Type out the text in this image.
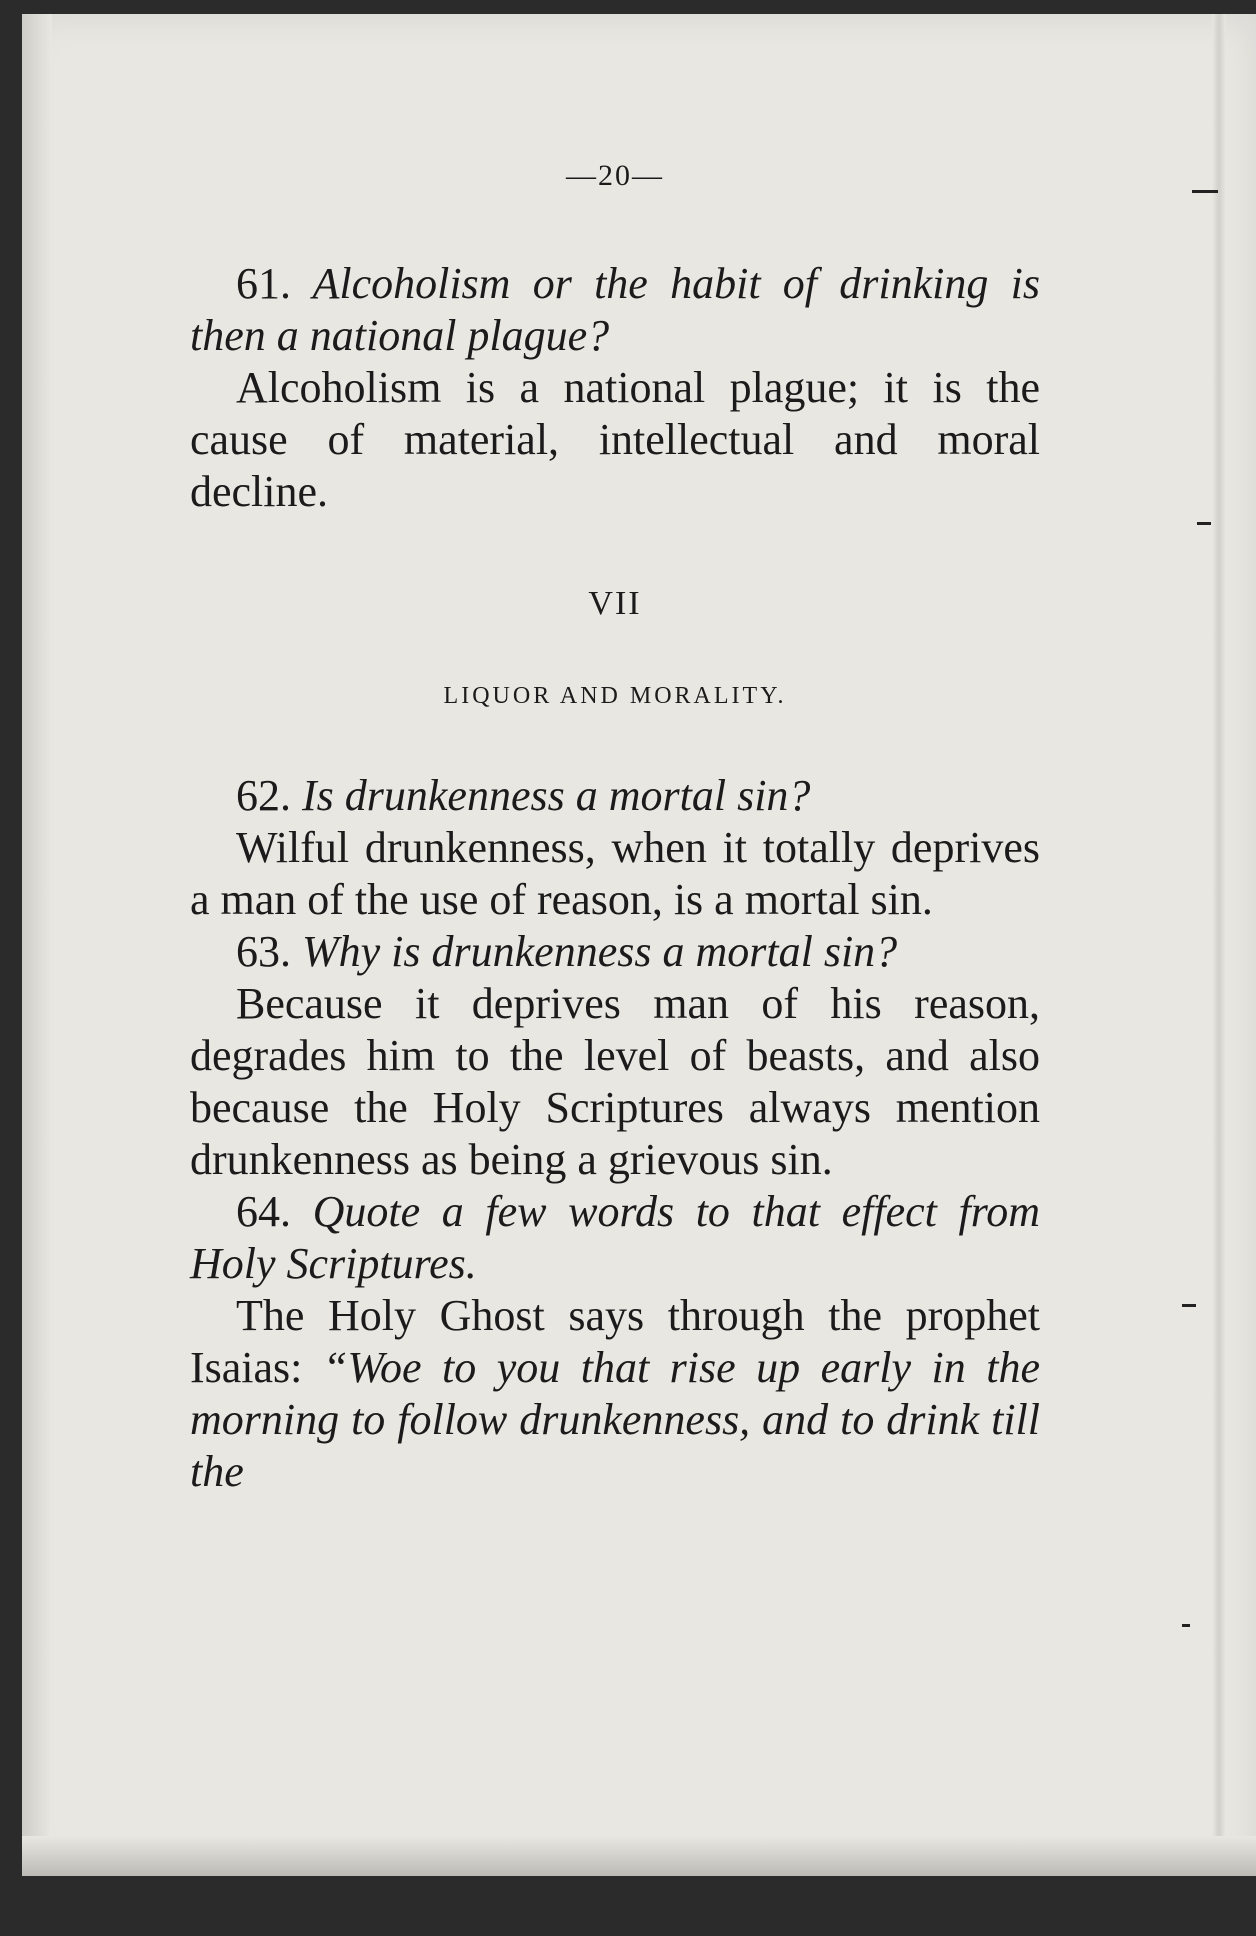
—20—

61. Alcoholism or the habit of drinking is then a national plague?

Alcoholism is a national plague; it is the cause of material, intellectual and moral decline.

VII
LIQUOR AND MORALITY.

62. Is drunkenness a mortal sin?

Wilful drunkenness, when it totally deprives a man of the use of reason, is a mortal sin.

63. Why is drunkenness a mortal sin?

Because it deprives man of his reason, degrades him to the level of beasts, and also because the Holy Scriptures always mention drunkenness as being a grievous sin.

64. Quote a few words to that effect from Holy Scriptures.

The Holy Ghost says through the prophet Isaias: “Woe to you that rise up early in the morning to follow drunkenness, and to drink till the
